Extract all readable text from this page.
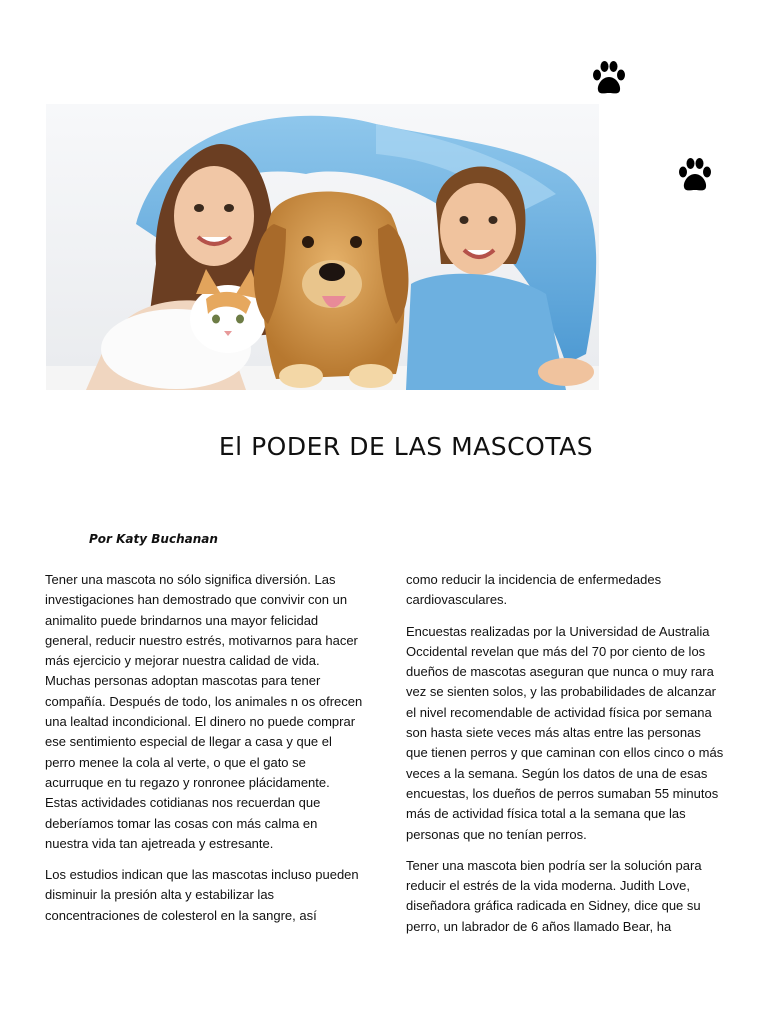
El PODER DE LAS MASCOTAS
Por Katy Buchanan

Tener una mascota no sólo significa diversión. Las investigaciones han demostrado que convivir con un animalito puede brindarnos una mayor felicidad general, reducir nuestro estrés, motivarnos para hacer más ejercicio y mejorar nuestra calidad de vida. Muchas personas adoptan mascotas para tener compañía. Después de todo, los animales n os ofrecen una lealtad incondicional. El dinero no puede comprar ese sentimiento especial de llegar a casa y que el perro menee la cola al verte, o que el gato se acurruque en tu regazo y ronronee plácidamente. Estas actividades cotidianas nos recuerdan que deberíamos tomar las cosas con más calma en nuestra vida tan ajetreada y estresante.

Los estudios indican que las mascotas incluso pueden disminuir la presión alta y estabilizar las concentraciones de colesterol en la sangre, así

como reducir la incidencia de enfermedades cardiovasculares.

Encuestas realizadas por la Universidad de Australia Occidental revelan que más del 70 por ciento de los dueños de mascotas aseguran que nunca o muy rara vez se sienten solos, y las probabilidades de alcanzar el nivel recomendable de actividad física por semana son hasta siete veces más altas entre las personas que tienen perros y que caminan con ellos cinco o más veces a la semana. Según los datos de una de esas encuestas, los dueños de perros sumaban 55 minutos más de actividad física total a la semana que las personas que no tenían perros.

Tener una mascota bien podría ser la solución para reducir el estrés de la vida moderna. Judith Love, diseñadora gráfica radicada en Sidney, dice que su perro, un labrador de 6 años llamado Bear, ha
